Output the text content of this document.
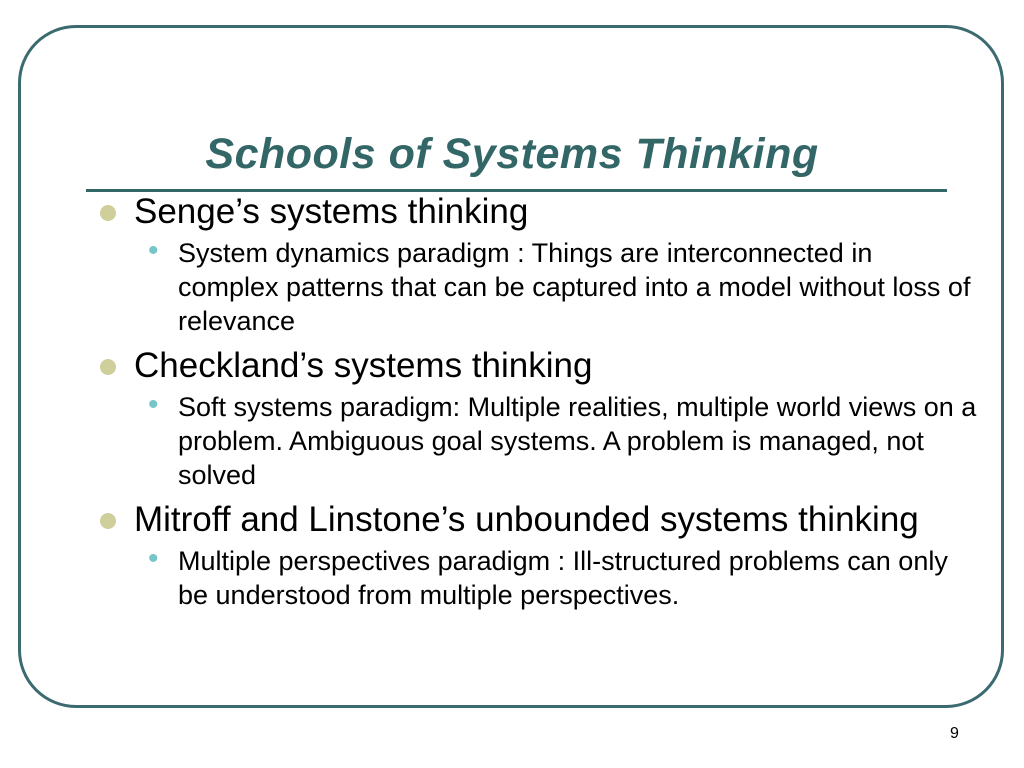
Schools of Systems Thinking
Senge’s systems thinking
• System dynamics paradigm : Things are interconnected in complex patterns that can be captured into a model without loss of relevance
Checkland’s systems thinking
• Soft systems paradigm: Multiple realities, multiple world views on a problem. Ambiguous goal systems. A problem is managed, not solved
Mitroff and Linstone’s unbounded systems thinking
• Multiple perspectives paradigm : Ill-structured problems can only be understood from multiple perspectives.
9
